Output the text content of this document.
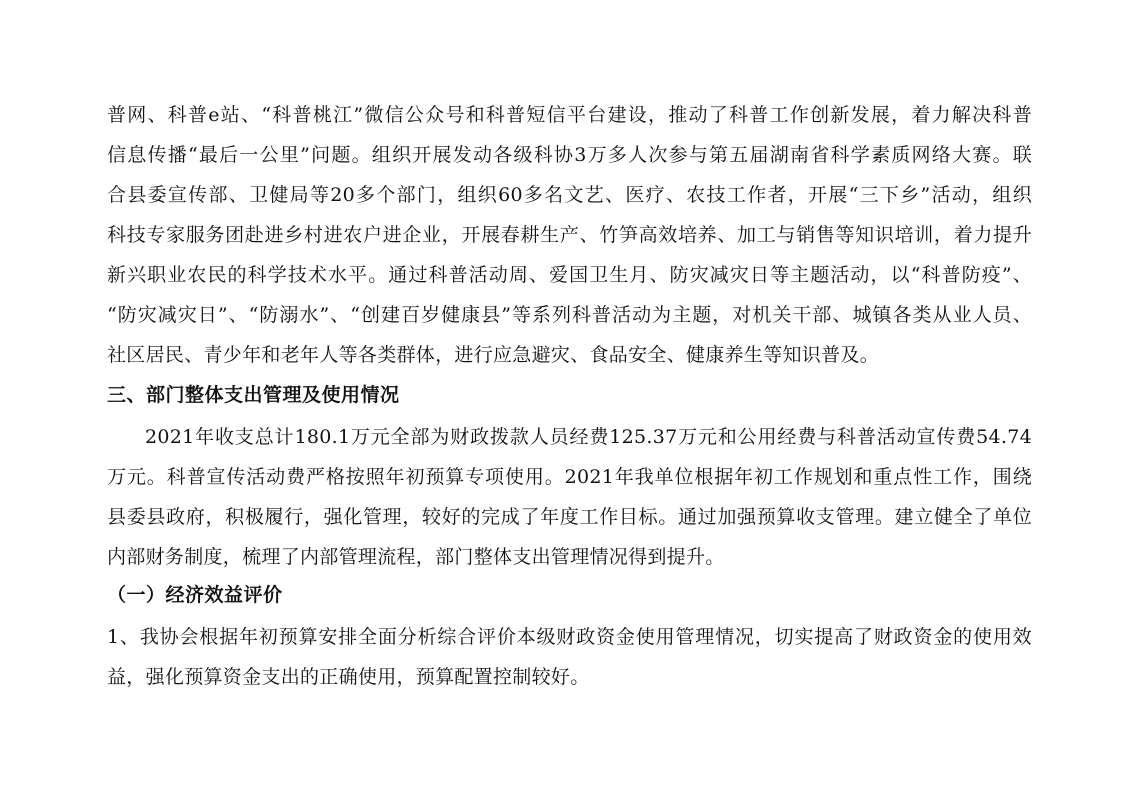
普网、科普e站、“科普桃江”微信公众号和科普短信平台建设，推动了科普工作创新发展，着力解决科普
信息传播“最后一公里”问题。组织开展发动各级科协3万多人次参与第五届湖南省科学素质网络大赛。联
合县委宣传部、卫健局等20多个部门，组织60多名文艺、医疗、农技工作者，开展“三下乡”活动，组织
科技专家服务团赴进乡村进农户进企业，开展春耕生产、竹笋高效培养、加工与销售等知识培训，着力提升
新兴职业农民的科学技术水平。通过科普活动周、爱国卫生月、防灾减灾日等主题活动，以“科普防疫”、
“防灾减灾日”、“防溺水”、“创建百岁健康县”等系列科普活动为主题，对机关干部、城镇各类从业人员、
社区居民、青少年和老年人等各类群体，进行应急避灾、食品安全、健康养生等知识普及。
三、部门整体支出管理及使用情况
2021年收支总计180.1万元全部为财政拨款人员经费125.37万元和公用经费与科普活动宣传费54.74
万元。科普宣传活动费严格按照年初预算专项使用。2021年我单位根据年初工作规划和重点性工作，围绕
县委县政府，积极履行，强化管理，较好的完成了年度工作目标。通过加强预算收支管理。建立健全了单位
内部财务制度，梳理了内部管理流程，部门整体支出管理情况得到提升。
（一）经济效益评价
1、我协会根据年初预算安排全面分析综合评价本级财政资金使用管理情况，切实提高了财政资金的使用效
益，强化预算资金支出的正确使用，预算配置控制较好。
